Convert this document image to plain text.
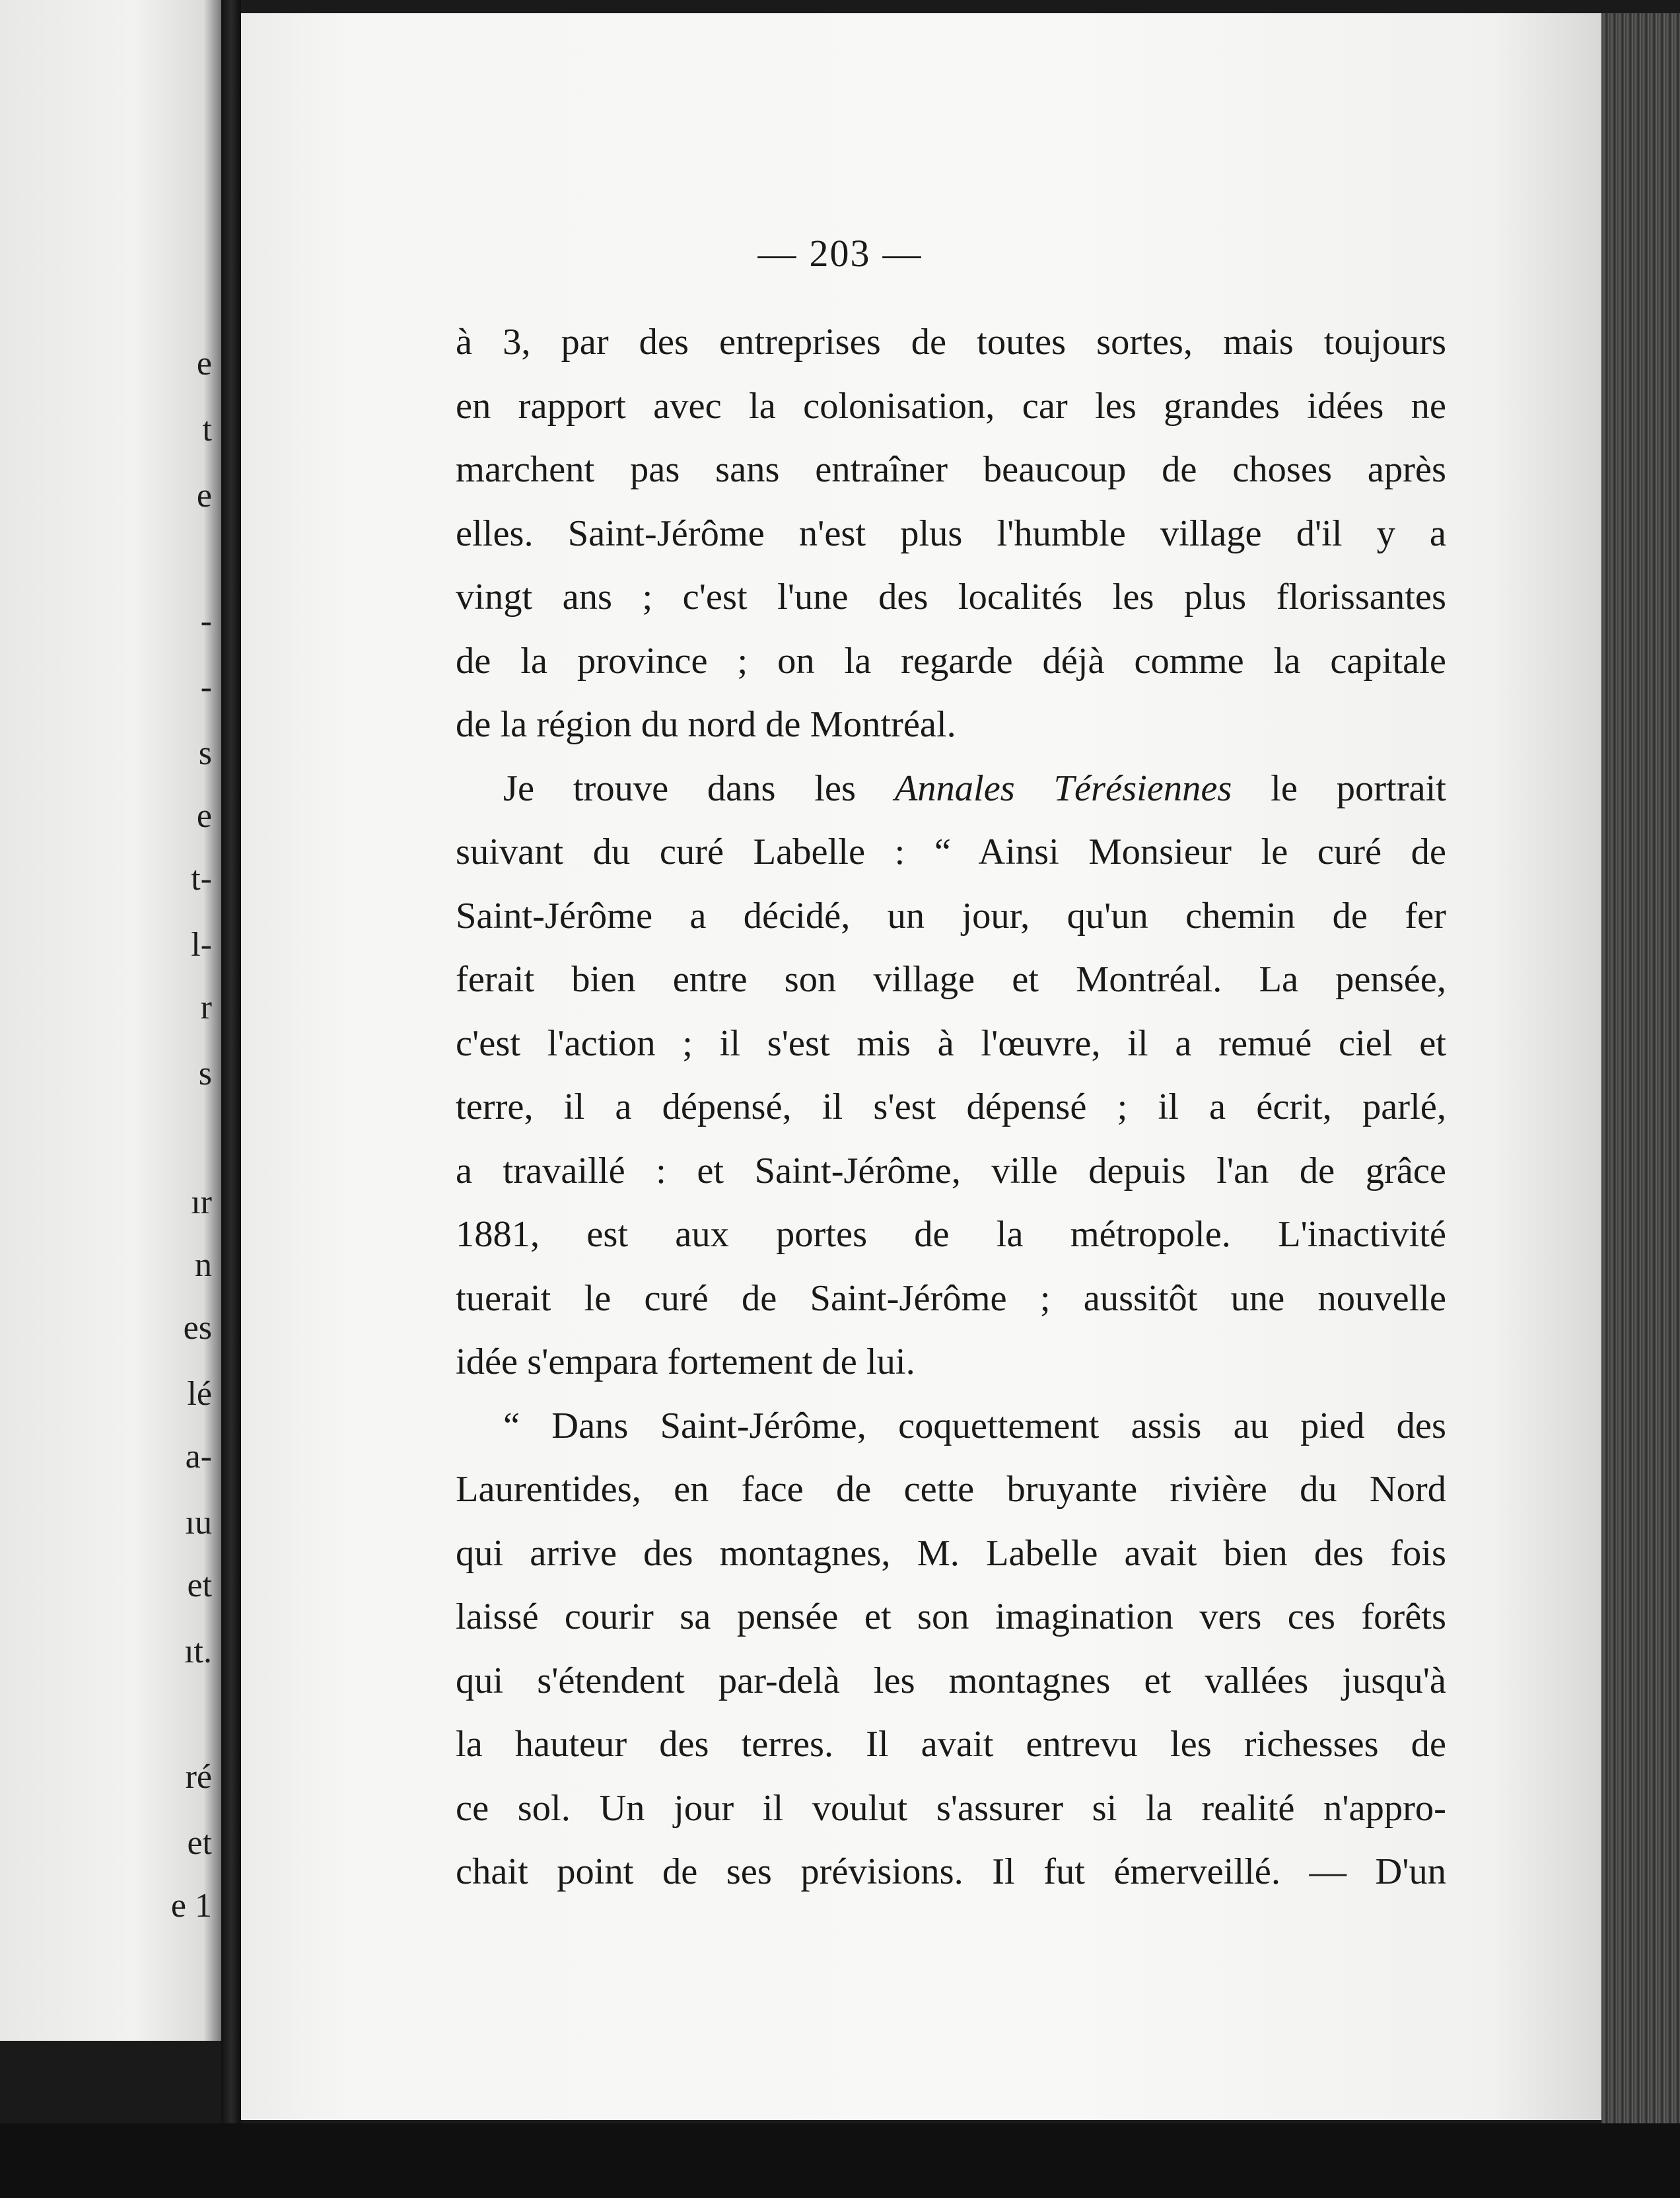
e
t
e
-
-
s
e
t-
l-
r
s
ır
n
es
lé
a-
ıu
et
ıt.
ré
et
e 1
— 203 —
à 3, par des entreprises de toutes sortes, mais toujours
en rapport avec la colonisation, car les grandes idées ne
marchent pas sans entraîner beaucoup de choses après
elles. Saint-Jérôme n'est plus l'humble village d'il y a
vingt ans ; c'est l'une des localités les plus florissantes
de la province ; on la regarde déjà comme la capitale
de la région du nord de Montréal.
Je trouve dans les Annales Térésiennes le portrait
suivant du curé Labelle : “ Ainsi Monsieur le curé de
Saint-Jérôme a décidé, un jour, qu'un chemin de fer
ferait bien entre son village et Montréal. La pensée,
c'est l'action ; il s'est mis à l'œuvre, il a remué ciel et
terre, il a dépensé, il s'est dépensé ; il a écrit, parlé,
a travaillé : et Saint-Jérôme, ville depuis l'an de grâce
1881, est aux portes de la métropole. L'inactivité
tuerait le curé de Saint-Jérôme ; aussitôt une nouvelle
idée s'empara fortement de lui.
“ Dans Saint-Jérôme, coquettement assis au pied des
Laurentides, en face de cette bruyante rivière du Nord
qui arrive des montagnes, M. Labelle avait bien des fois
laissé courir sa pensée et son imagination vers ces forêts
qui s'étendent par-delà les montagnes et vallées jusqu'à
la hauteur des terres. Il avait entrevu les richesses de
ce sol. Un jour il voulut s'assurer si la realité n'appro-
chait point de ses prévisions. Il fut émerveillé. — D'un
